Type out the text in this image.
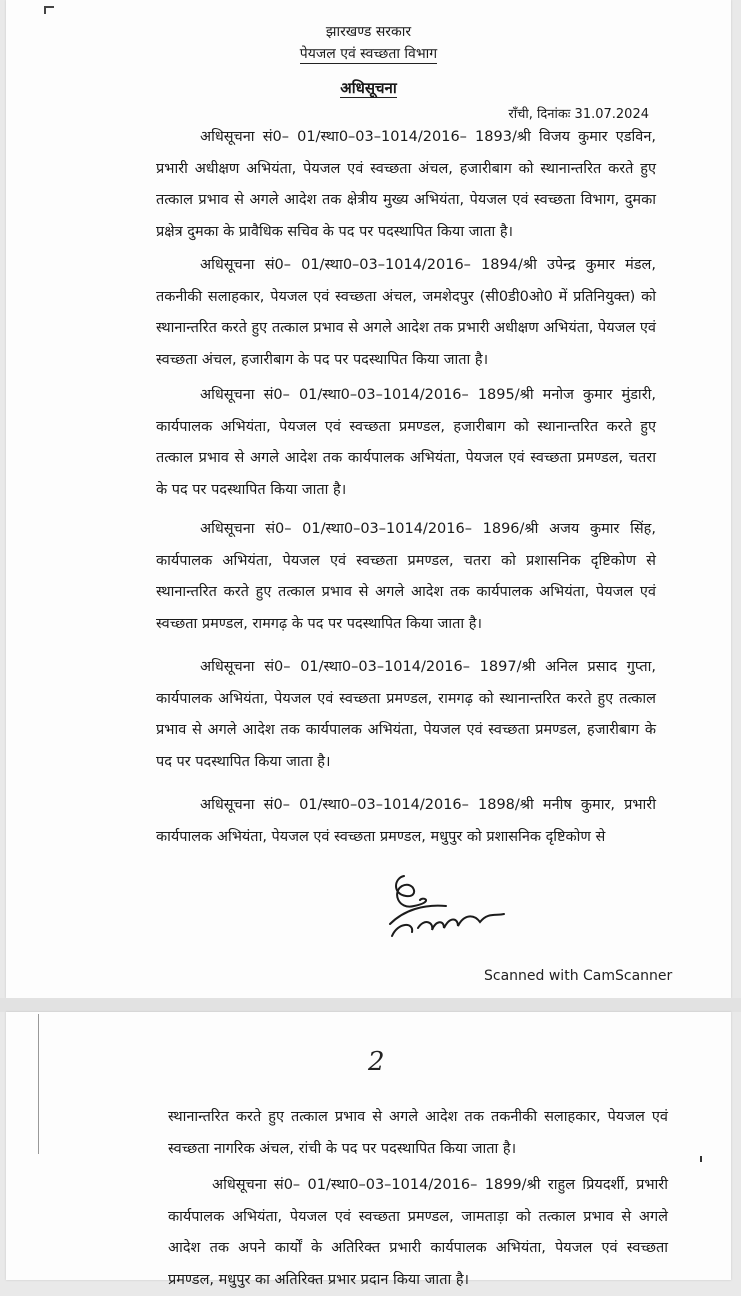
झारखण्ड सरकार
पेयजल एवं स्वच्छता विभाग
अधिसूचना
राँची, दिनांकः 31.07.2024
अधिसूचना सं0– 01/स्था0–03–1014/2016– 1893/श्री विजय कुमार एडविन, प्रभारी अधीक्षण अभियंता, पेयजल एवं स्वच्छता अंचल, हजारीबाग को स्थानान्तरित करते हुए तत्काल प्रभाव से अगले आदेश तक क्षेत्रीय मुख्य अभियंता, पेयजल एवं स्वच्छता विभाग, दुमका प्रक्षेत्र दुमका के प्रावैधिक सचिव के पद पर पदस्थापित किया जाता है।
अधिसूचना सं0– 01/स्था0–03–1014/2016– 1894/श्री उपेन्द्र कुमार मंडल, तकनीकी सलाहकार, पेयजल एवं स्वच्छता अंचल, जमशेदपुर (सी0डी0ओ0 में प्रतिनियुक्त) को स्थानान्तरित करते हुए तत्काल प्रभाव से अगले आदेश तक प्रभारी अधीक्षण अभियंता, पेयजल एवं स्वच्छता अंचल, हजारीबाग के पद पर पदस्थापित किया जाता है।
अधिसूचना सं0– 01/स्था0–03–1014/2016– 1895/श्री मनोज कुमार मुंडारी, कार्यपालक अभियंता, पेयजल एवं स्वच्छता प्रमण्डल, हजारीबाग को स्थानान्तरित करते हुए तत्काल प्रभाव से अगले आदेश तक कार्यपालक अभियंता, पेयजल एवं स्वच्छता प्रमण्डल, चतरा के पद पर पदस्थापित किया जाता है।
अधिसूचना सं0– 01/स्था0–03–1014/2016– 1896/श्री अजय कुमार सिंह, कार्यपालक अभियंता, पेयजल एवं स्वच्छता प्रमण्डल, चतरा को प्रशासनिक दृष्टिकोण से स्थानान्तरित करते हुए तत्काल प्रभाव से अगले आदेश तक कार्यपालक अभियंता, पेयजल एवं स्वच्छता प्रमण्डल, रामगढ़ के पद पर पदस्थापित किया जाता है।
अधिसूचना सं0– 01/स्था0–03–1014/2016– 1897/श्री अनिल प्रसाद गुप्ता, कार्यपालक अभियंता, पेयजल एवं स्वच्छता प्रमण्डल, रामगढ़ को स्थानान्तरित करते हुए तत्काल प्रभाव से अगले आदेश तक कार्यपालक अभियंता, पेयजल एवं स्वच्छता प्रमण्डल, हजारीबाग के पद पर पदस्थापित किया जाता है।
अधिसूचना सं0– 01/स्था0–03–1014/2016– 1898/श्री मनीष कुमार, प्रभारी कार्यपालक अभियंता, पेयजल एवं स्वच्छता प्रमण्डल, मधुपुर को प्रशासनिक दृष्टिकोण से
Scanned with CamScanner
2
स्थानान्तरित करते हुए तत्काल प्रभाव से अगले आदेश तक तकनीकी सलाहकार, पेयजल एवं स्वच्छता नागरिक अंचल, रांची के पद पर पदस्थापित किया जाता है।
अधिसूचना सं0– 01/स्था0–03–1014/2016– 1899/श्री राहुल प्रियदर्शी, प्रभारी कार्यपालक अभियंता, पेयजल एवं स्वच्छता प्रमण्डल, जामताड़ा को तत्काल प्रभाव से अगले आदेश तक अपने कार्यों के अतिरिक्त प्रभारी कार्यपालक अभियंता, पेयजल एवं स्वच्छता प्रमण्डल, मधुपुर का अतिरिक्त प्रभार प्रदान किया जाता है।
